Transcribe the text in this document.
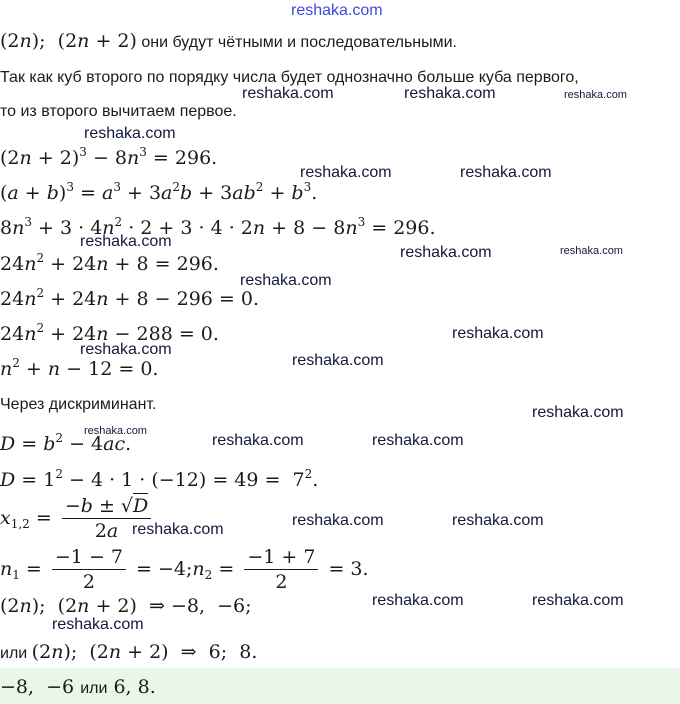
reshaka.com
(2n);  (2n + 2) они будут чётными и последовательными.
Так как куб второго по порядку числа будет однозначно больше куба первого,
то из второго вычитаем первое.
$(2n + 2)^3 - 8n^3 = 296$.
$(a + b)^3 = a^3 + 3a^2b + 3ab^2 + b^3$.
$8n^3 + 3 \cdot 4n^2 \cdot 2 + 3 \cdot 4 \cdot 2n + 8 - 8n^3 = 296$.
$24n^2 + 24n + 8 = 296$.
$24n^2 + 24n + 8 - 296 = 0$.
$24n^2 + 24n - 288 = 0$.
$n^2 + n - 12 = 0$.
Через дискриминант.
$D = b^2 - 4ac$.
$D = 1^2 - 4 \cdot 1 \cdot (-12) = 49 = 7^2$.
$x_{1,2} = \frac{-b \pm √D}{2a}$
$n_1 = \frac{-1 - 7}{2}$ = $-4;n_2 = \frac{-1 + 7}{2} = 3$.
(2n);  (2n + 2)  ⇒ −8,  −6;
или (2n);  (2n + 2)  ⇒  6;  8.
−8,  −6 или 6, 8.
reshaka.com	reshaka.com	reshaka.com
reshaka.com
reshaka.com	reshaka.com
reshaka.com
reshaka.com	reshaka.com
reshaka.com
reshaka.com
reshaka.com
reshaka.com
reshaka.com
reshaka.com
reshaka.com	reshaka.com
reshaka.com
reshaka.com	reshaka.com
reshaka.com	reshaka.com
reshaka.com
